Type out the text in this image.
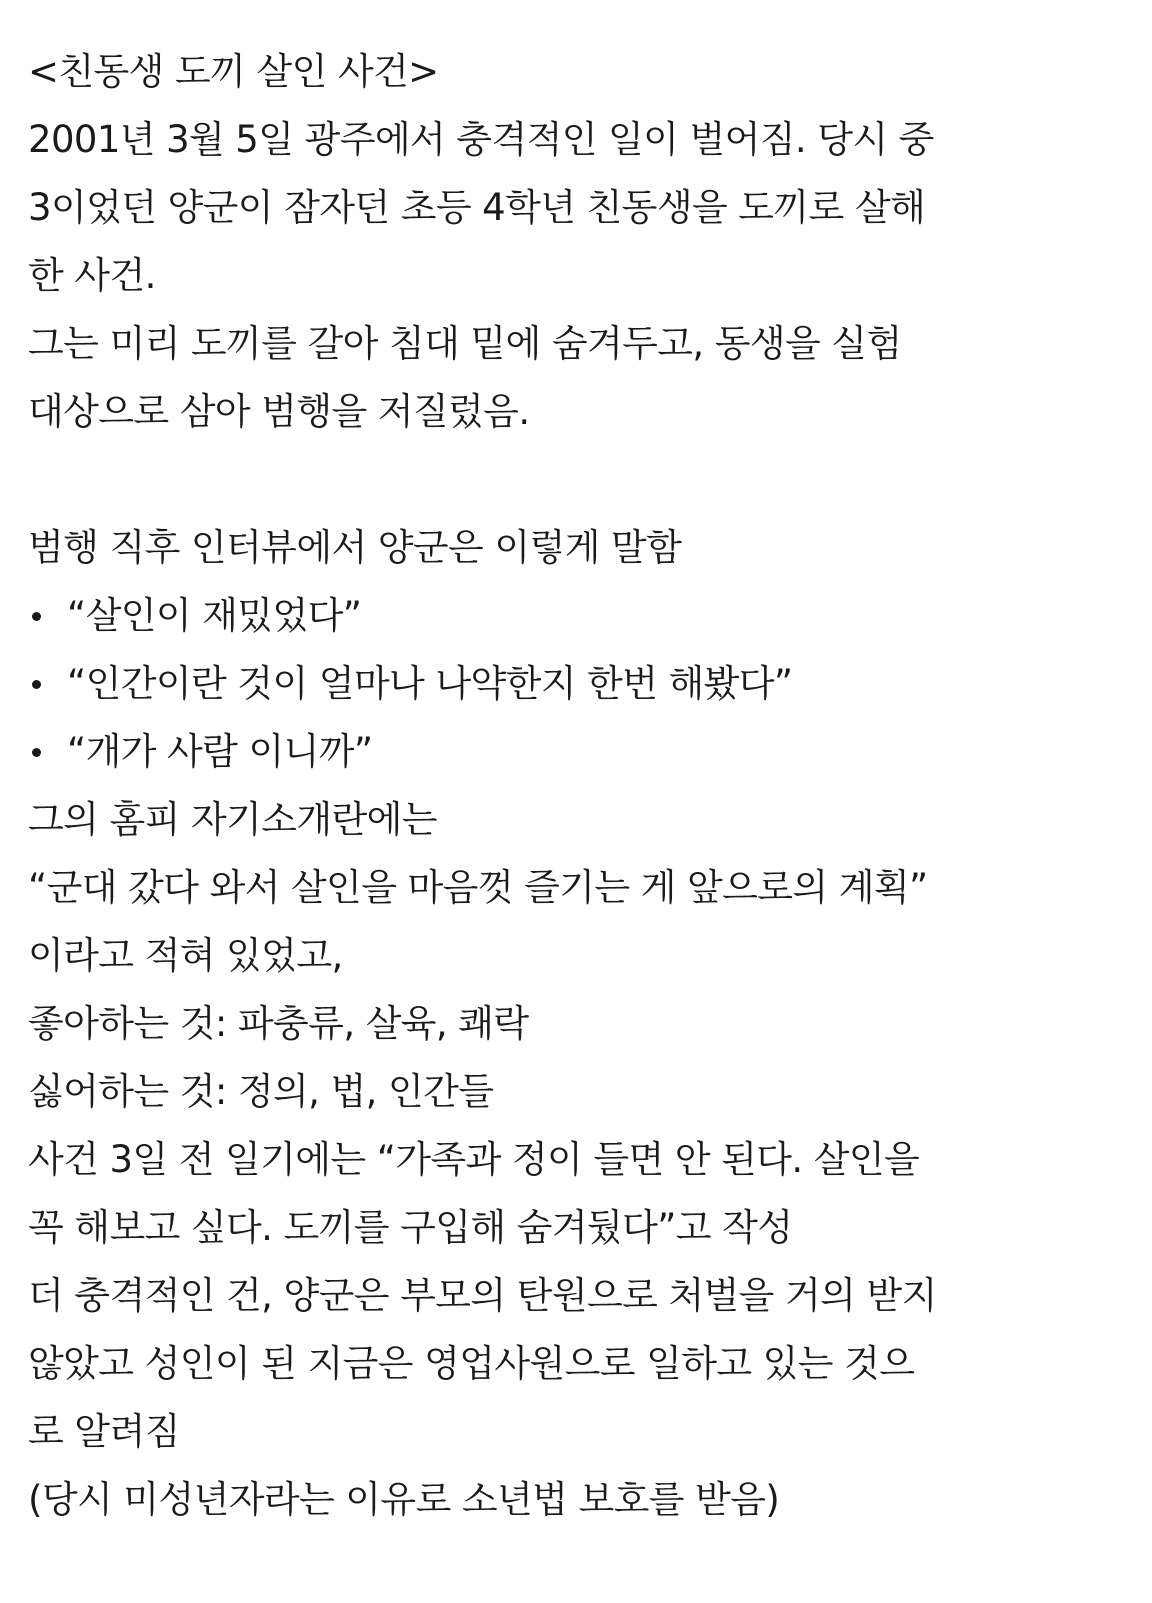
<친동생 도끼 살인 사건>

2001년 3월 5일 광주에서 충격적인 일이 벌어짐. 당시 중

3이었던 양군이 잠자던 초등 4학년 친동생을 도끼로 살해

한 사건.

그는 미리 도끼를 갈아 침대 밑에 숨겨두고, 동생을 실험

대상으로 삼아 범행을 저질렀음.

범행 직후 인터뷰에서 양군은 이렇게 말함

“살인이 재밌었다”
“인간이란 것이 얼마나 나약한지 한번 해봤다”
“개가 사람 이니까”

그의 홈피 자기소개란에는

“군대 갔다 와서 살인을 마음껏 즐기는 게 앞으로의 계획”

이라고 적혀 있었고,

좋아하는 것: 파충류, 살육, 쾌락

싫어하는 것: 정의, 법, 인간들

사건 3일 전 일기에는 “가족과 정이 들면 안 된다. 살인을

꼭 해보고 싶다. 도끼를 구입해 숨겨뒀다”고 작성

더 충격적인 건, 양군은 부모의 탄원으로 처벌을 거의 받지

않았고 성인이 된 지금은 영업사원으로 일하고 있는 것으

로 알려짐

(당시 미성년자라는 이유로 소년법 보호를 받음)
